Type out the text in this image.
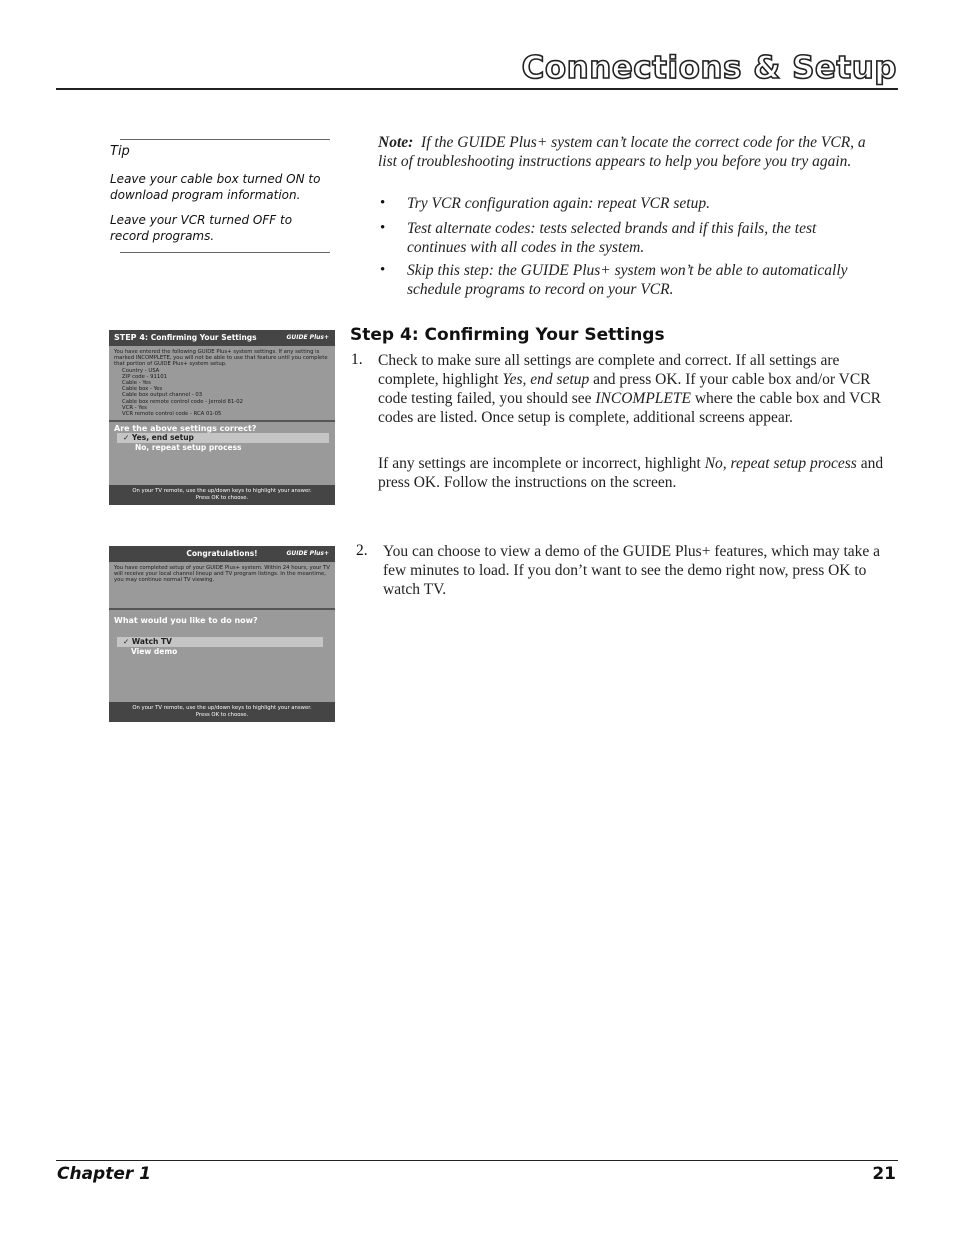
Connections & Setup
Tip
Leave your cable box turned ON to download program information.
Leave your VCR turned OFF to record programs.
Note: If the GUIDE Plus+ system can’t locate the correct code for the VCR, a list of troubleshooting instructions appears to help you before you try again.
• Try VCR configuration again: repeat VCR setup.
• Test alternate codes: tests selected brands and if this fails, the test continues with all codes in the system.
• Skip this step: the GUIDE Plus+ system won’t be able to automatically schedule programs to record on your VCR.
STEP 4: Confirming Your Settings	GUIDE Plus+
You have entered the following GUIDE Plus+ system settings. If any setting is marked INCOMPLETE, you will not be able to use that feature until you complete that portion of GUIDE Plus+ system setup.
Country - USA
ZIP code - 91101
Cable - Yes
Cable box - Yes
Cable box output channel - 03
Cable box remote control code - Jerrold 81-02
VCR - Yes
VCR remote control code - RCA 01-05
Are the above settings correct?
✓ Yes, end setup
No, repeat setup process
On your TV remote, use the up/down keys to highlight your answer.
Press OK to choose.
Step 4: Confirming Your Settings
1. Check to make sure all settings are complete and correct. If all settings are complete, highlight Yes, end setup and press OK. If your cable box and/or VCR code testing failed, you should see INCOMPLETE where the cable box and VCR codes are listed. Once setup is complete, additional screens appear.
If any settings are incomplete or incorrect, highlight No, repeat setup process and press OK. Follow the instructions on the screen.
Congratulations!	GUIDE Plus+
You have completed setup of your GUIDE Plus+ system. Within 24 hours, your TV will receive your local channel lineup and TV program listings. In the meantime, you may continue normal TV viewing.
What would you like to do now?
✓ Watch TV
View demo
On your TV remote, use the up/down keys to highlight your answer.
Press OK to choose.
2. You can choose to view a demo of the GUIDE Plus+ features, which may take a few minutes to load. If you don’t want to see the demo right now, press OK to watch TV.
Chapter 1	21
